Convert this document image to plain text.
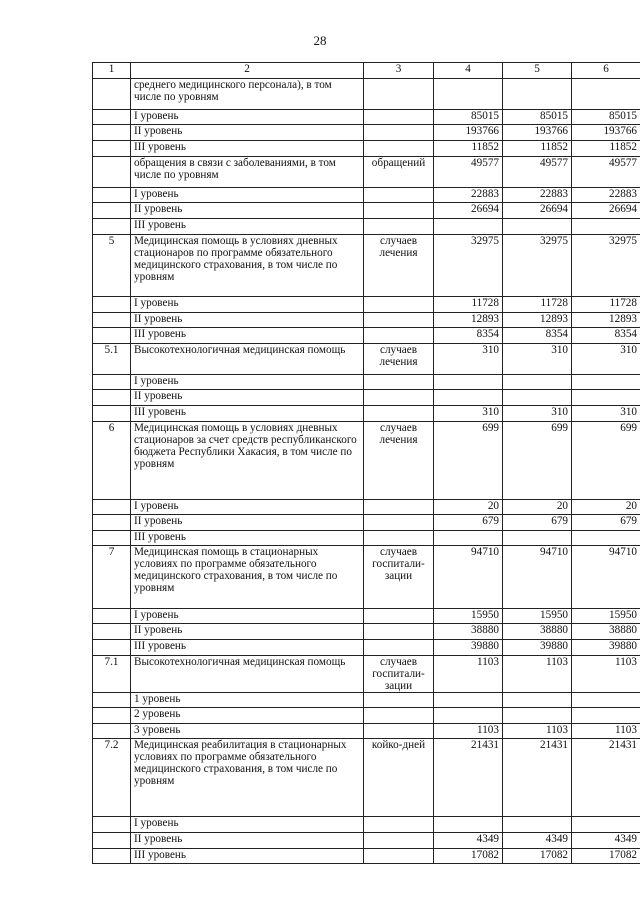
28
1	2	3	4	5	6
	среднего медицинского персонала), в том числе по уровням				
	I уровень		85015	85015	85015
	II уровень		193766	193766	193766
	III уровень		11852	11852	11852
	обращения в связи с заболеваниями, в том числе по уровням	обращений	49577	49577	49577
	I уровень		22883	22883	22883
	II уровень		26694	26694	26694
	III уровень				
5	Медицинская помощь в условиях дневных стационаров по программе обязательного медицинского страхования, в том числе по уровням	случаев лечения	32975	32975	32975
	I уровень		11728	11728	11728
	II уровень		12893	12893	12893
	III уровень		8354	8354	8354
5.1	Высокотехнологичная медицинская помощь	случаев лечения	310	310	310
	I уровень				
	II уровень				
	III уровень		310	310	310
6	Медицинская помощь в условиях дневных стационаров за счет средств республиканского бюджета Республики Хакасия, в том числе по уровням	случаев лечения	699	699	699
	I уровень		20	20	20
	II уровень		679	679	679
	III уровень				
7	Медицинская помощь в стационарных условиях по программе обязательного медицинского страхования, в том числе по уровням	случаев госпитали-зации	94710	94710	94710
	I уровень		15950	15950	15950
	II уровень		38880	38880	38880
	III уровень		39880	39880	39880
7.1	Высокотехнологичная медицинская помощь	случаев госпитали-зации	1103	1103	1103
	1 уровень				
	2 уровень				
	3 уровень		1103	1103	1103
7.2	Медицинская реабилитация в стационарных условиях по программе обязательного медицинского страхования, в том числе по уровням	койко-дней	21431	21431	21431
	I уровень				
	II уровень		4349	4349	4349
	III уровень		17082	17082	17082
